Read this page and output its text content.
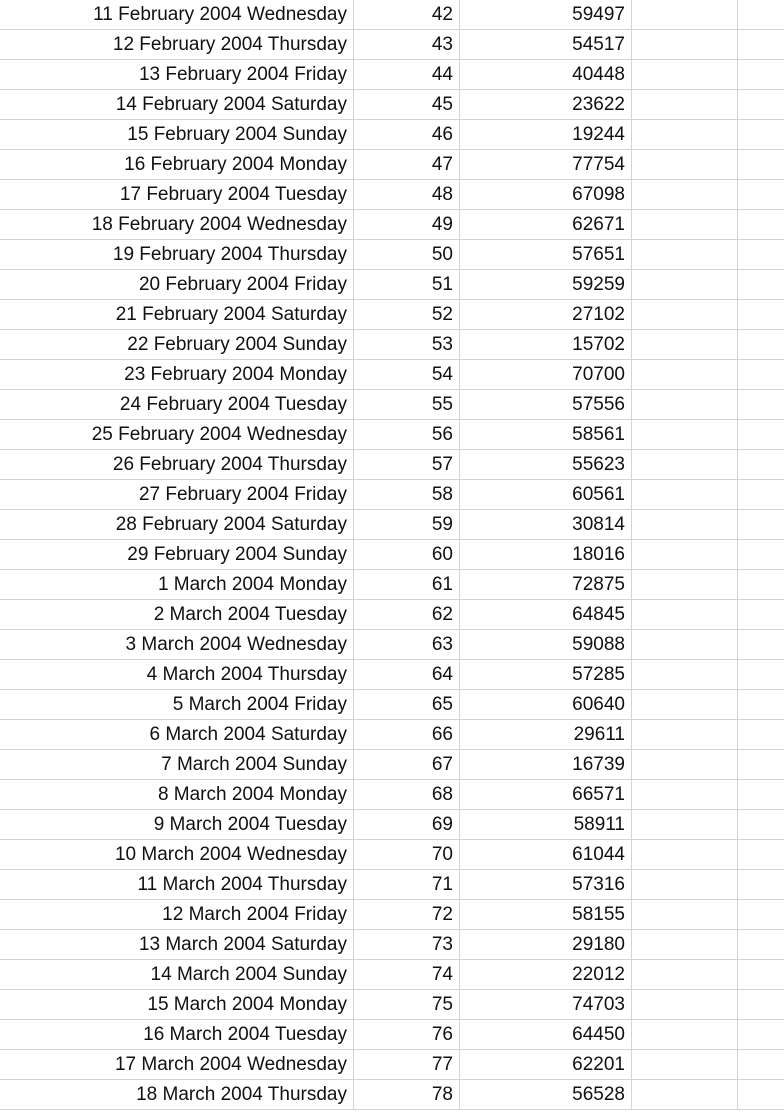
11 February 2004 Wednesday	42	59497
12 February 2004 Thursday	43	54517
13 February 2004 Friday	44	40448
14 February 2004 Saturday	45	23622
15 February 2004 Sunday	46	19244
16 February 2004 Monday	47	77754
17 February 2004 Tuesday	48	67098
18 February 2004 Wednesday	49	62671
19 February 2004 Thursday	50	57651
20 February 2004 Friday	51	59259
21 February 2004 Saturday	52	27102
22 February 2004 Sunday	53	15702
23 February 2004 Monday	54	70700
24 February 2004 Tuesday	55	57556
25 February 2004 Wednesday	56	58561
26 February 2004 Thursday	57	55623
27 February 2004 Friday	58	60561
28 February 2004 Saturday	59	30814
29 February 2004 Sunday	60	18016
1 March 2004 Monday	61	72875
2 March 2004 Tuesday	62	64845
3 March 2004 Wednesday	63	59088
4 March 2004 Thursday	64	57285
5 March 2004 Friday	65	60640
6 March 2004 Saturday	66	29611
7 March 2004 Sunday	67	16739
8 March 2004 Monday	68	66571
9 March 2004 Tuesday	69	58911
10 March 2004 Wednesday	70	61044
11 March 2004 Thursday	71	57316
12 March 2004 Friday	72	58155
13 March 2004 Saturday	73	29180
14 March 2004 Sunday	74	22012
15 March 2004 Monday	75	74703
16 March 2004 Tuesday	76	64450
17 March 2004 Wednesday	77	62201
18 March 2004 Thursday	78	56528
